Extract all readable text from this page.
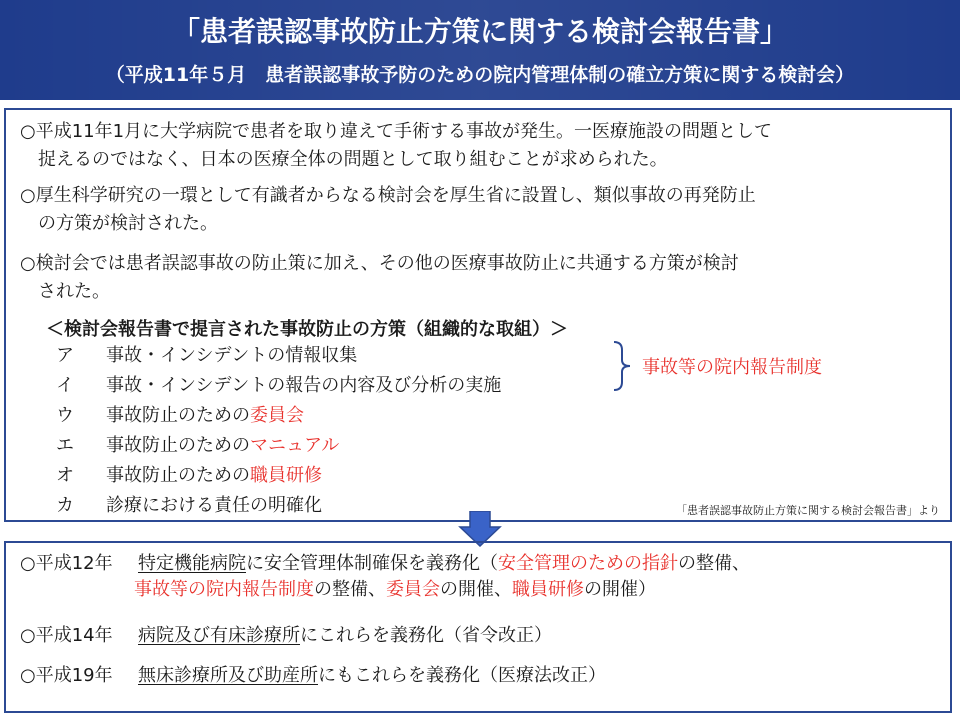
「患者誤認事故防止方策に関する検討会報告書」
（平成11年５月　患者誤認事故予防のための院内管理体制の確立方策に関する検討会）
○平成11年1月に大学病院で患者を取り違えて手術する事故が発生。一医療施設の問題として
捉えるのではなく、日本の医療全体の問題として取り組むことが求められた。
○厚生科学研究の一環として有識者からなる検討会を厚生省に設置し、類似事故の再発防止
の方策が検討された。
○検討会では患者誤認事故の防止策に加え、その他の医療事故防止に共通する方策が検討
された。
＜検討会報告書で提言された事故防止の方策（組織的な取組）＞
ア 事故・インシデントの情報収集
イ 事故・インシデントの報告の内容及び分析の実施
ウ 事故防止のための委員会
エ 事故防止のためのマニュアル
オ 事故防止のための職員研修
カ 診療における責任の明確化
事故等の院内報告制度
「患者誤認事故防止方策に関する検討会報告書」より
○平成12年 特定機能病院に安全管理体制確保を義務化（安全管理のための指針の整備、
事故等の院内報告制度の整備、委員会の開催、職員研修の開催）
○平成14年 病院及び有床診療所にこれらを義務化（省令改正）
○平成19年 無床診療所及び助産所にもこれらを義務化（医療法改正）
